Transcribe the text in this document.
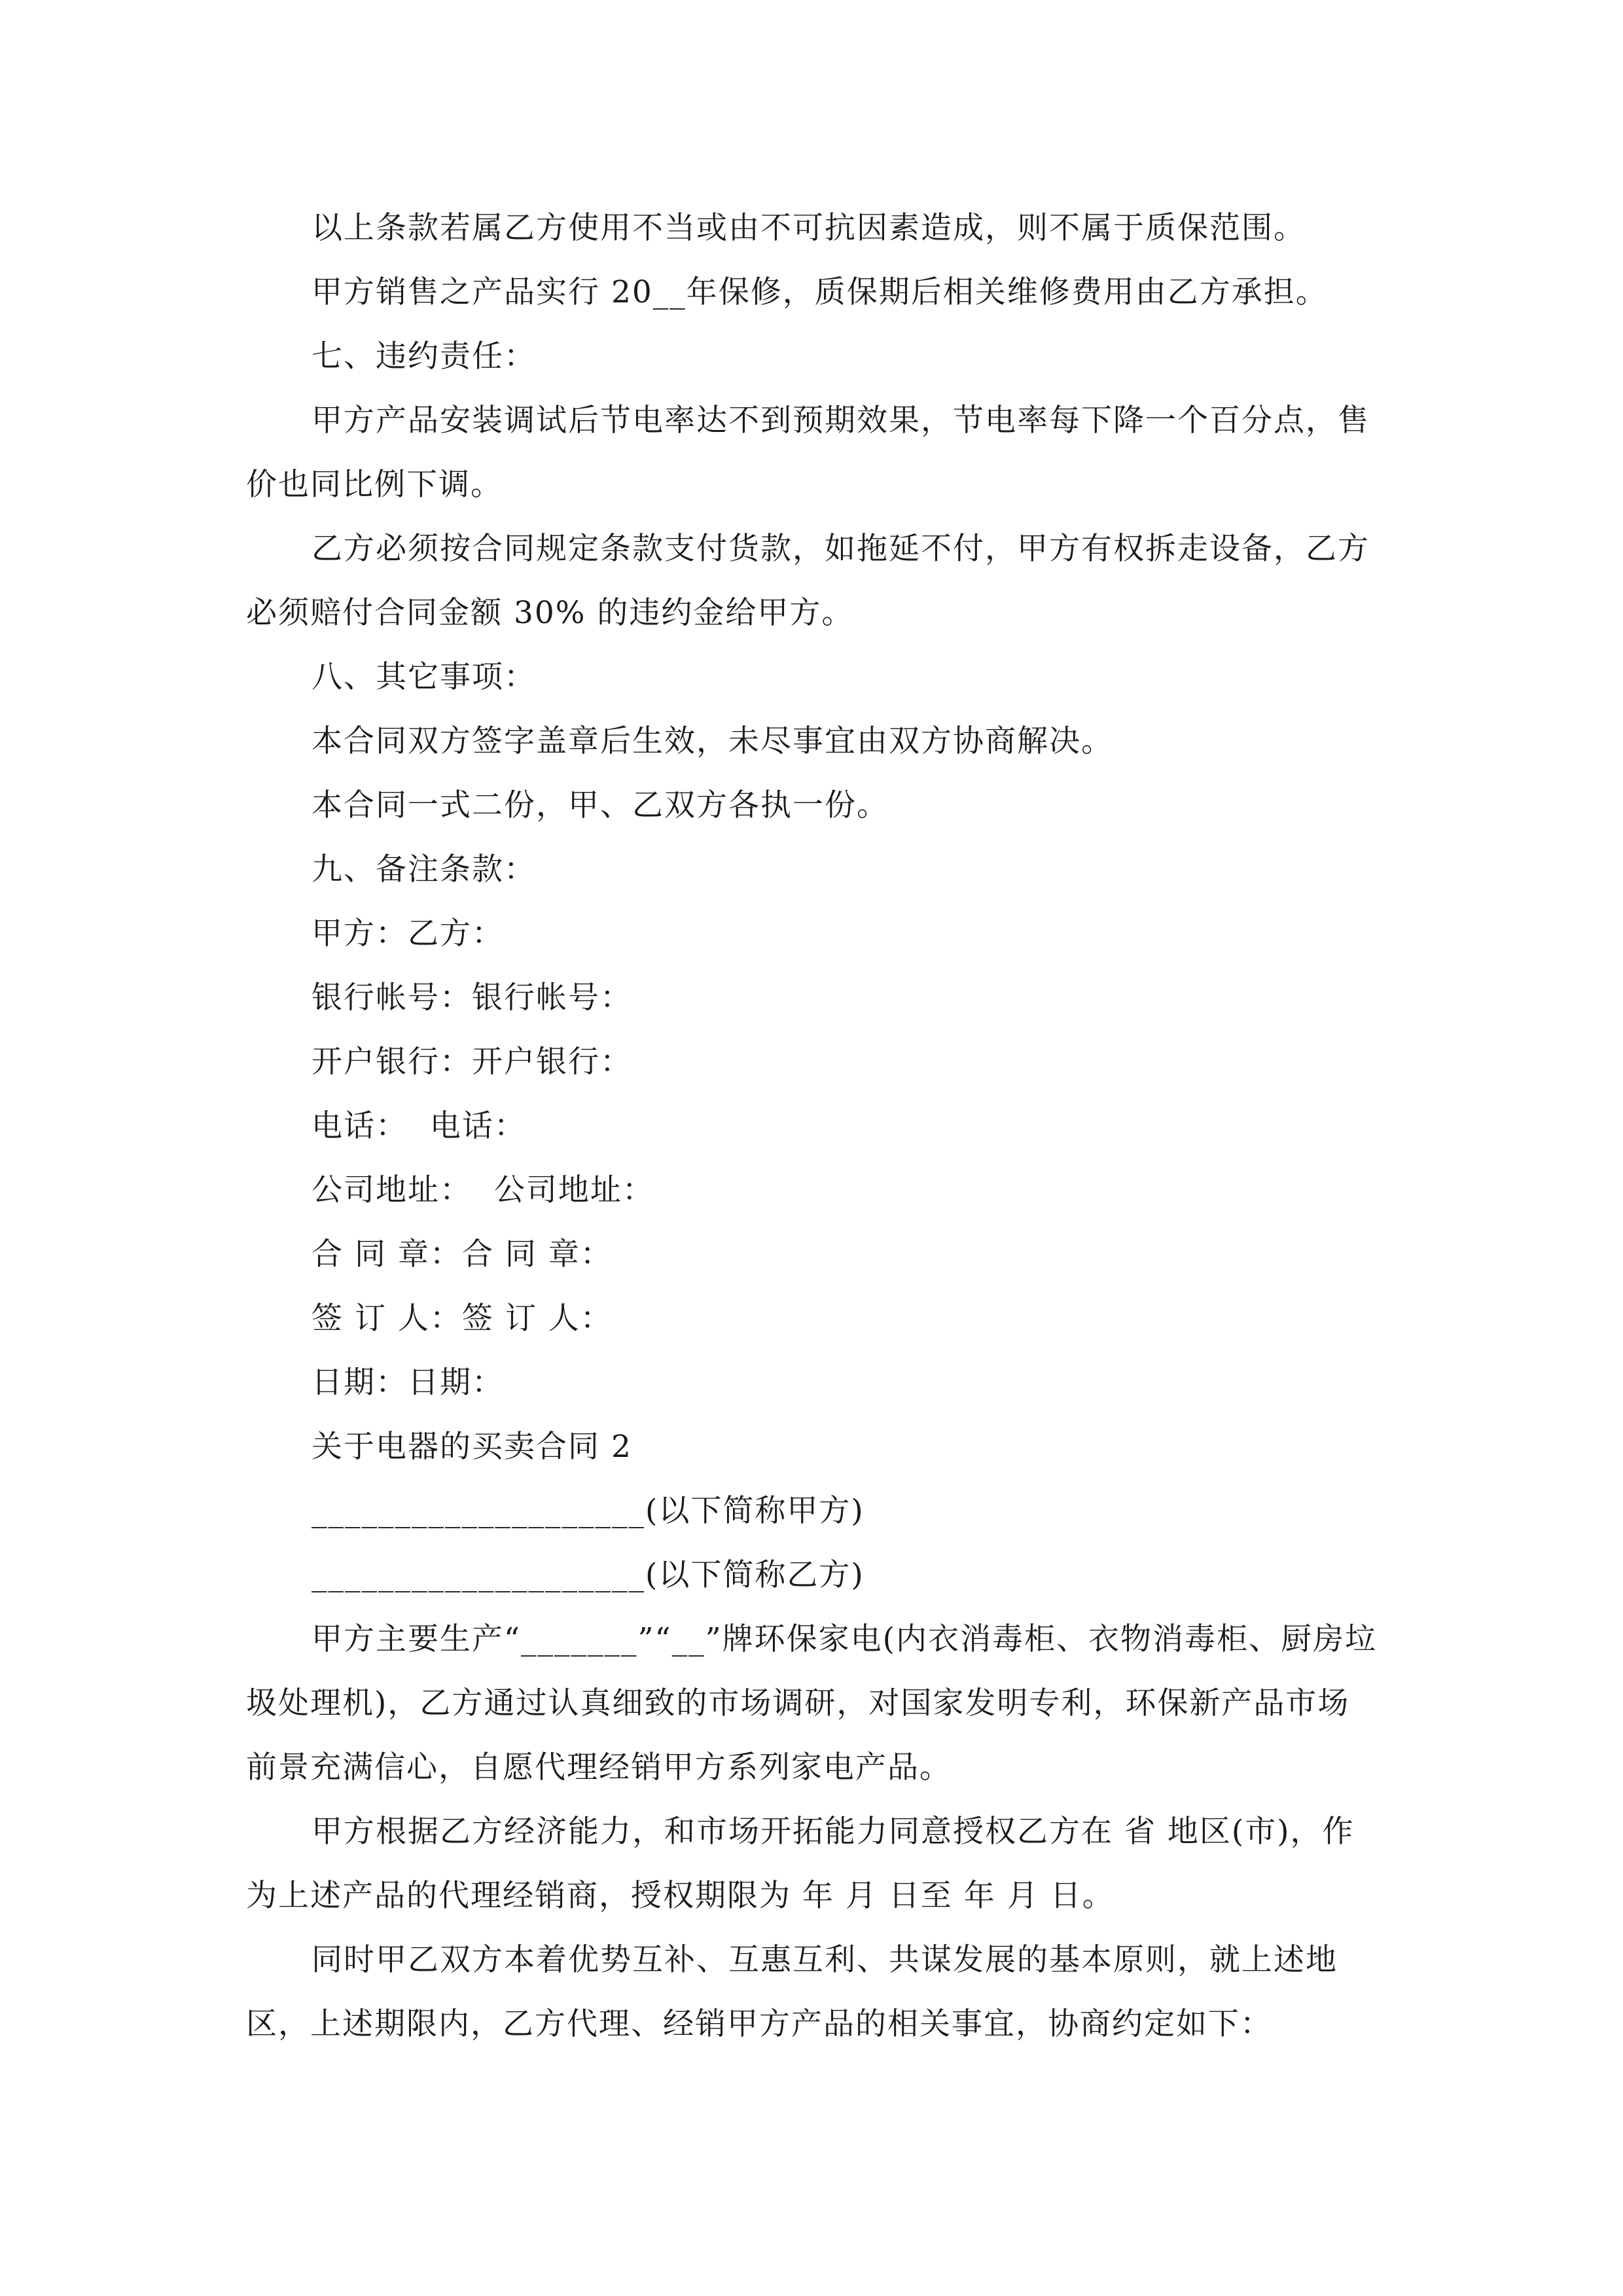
以上条款若属乙方使用不当或由不可抗因素造成，则不属于质保范围。

甲方销售之产品实行 20__年保修，质保期后相关维修费用由乙方承担。

七、违约责任：

甲方产品安装调试后节电率达不到预期效果，节电率每下降一个百分点，售价也同比例下调。

乙方必须按合同规定条款支付货款，如拖延不付，甲方有权拆走设备，乙方必须赔付合同金额 30% 的违约金给甲方。

八、其它事项：

本合同双方签字盖章后生效，未尽事宜由双方协商解决。

本合同一式二份，甲、乙双方各执一份。

九、备注条款：

甲方：乙方：

银行帐号：银行帐号：

开户银行：开户银行：

电话：  电话：

公司地址：  公司地址：

合 同 章：合 同 章：

签 订 人：签 订 人：

日期：日期：

关于电器的买卖合同 2

____________________(以下简称甲方)

____________________(以下简称乙方)

甲方主要生产“_______”“__”牌环保家电(内衣消毒柜、衣物消毒柜、厨房垃圾处理机)，乙方通过认真细致的市场调研，对国家发明专利，环保新产品市场前景充满信心，自愿代理经销甲方系列家电产品。

甲方根据乙方经济能力，和市场开拓能力同意授权乙方在 省 地区(市)，作为上述产品的代理经销商，授权期限为 年 月 日至 年 月 日。

同时甲乙双方本着优势互补、互惠互利、共谋发展的基本原则，就上述地区，上述期限内，乙方代理、经销甲方产品的相关事宜，协商约定如下：
